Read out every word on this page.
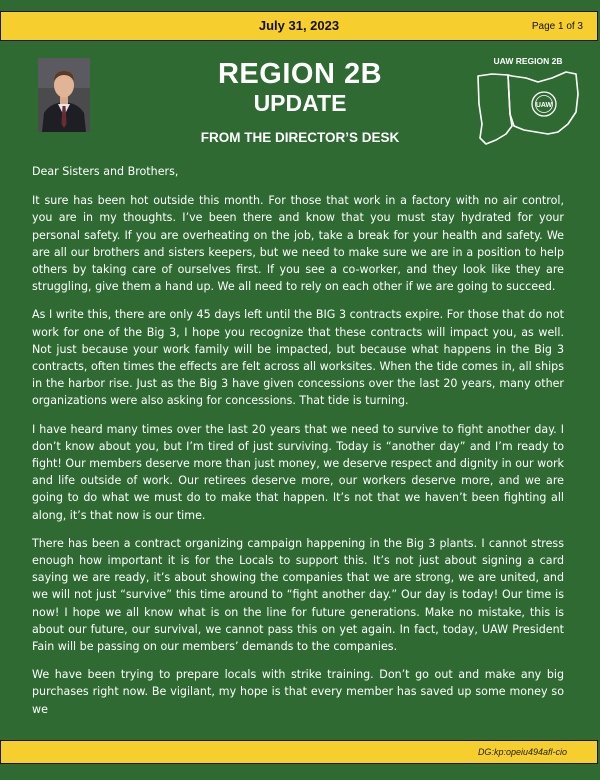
July 31, 2023	Page 1 of 3
REGION 2B
UPDATE
FROM THE DIRECTOR’S DESK
UAW REGION 2B
UAW

Dear Sisters and Brothers,

It sure has been hot outside this month. For those that work in a factory with no air control, you are in my thoughts. I’ve been there and know that you must stay hydrated for your personal safety. If you are overheating on the job, take a break for your health and safety. We are all our brothers and sisters keepers, but we need to make sure we are in a position to help others by taking care of ourselves first. If you see a co-worker, and they look like they are struggling, give them a hand up. We all need to rely on each other if we are going to succeed.

As I write this, there are only 45 days left until the BIG 3 contracts expire. For those that do not work for one of the Big 3, I hope you recognize that these contracts will impact you, as well. Not just because your work family will be impacted, but because what happens in the Big 3 contracts, often times the effects are felt across all worksites. When the tide comes in, all ships in the harbor rise. Just as the Big 3 have given concessions over the last 20 years, many other organizations were also asking for concessions. That tide is turning.

I have heard many times over the last 20 years that we need to survive to fight another day. I don’t know about you, but I’m tired of just surviving. Today is “another day” and I’m ready to fight! Our members deserve more than just money, we deserve respect and dignity in our work and life outside of work. Our retirees deserve more, our workers deserve more, and we are going to do what we must do to make that happen. It’s not that we haven’t been fighting all along, it’s that now is our time.

There has been a contract organizing campaign happening in the Big 3 plants. I cannot stress enough how important it is for the Locals to support this. It’s not just about signing a card saying we are ready, it’s about showing the companies that we are strong, we are united, and we will not just “survive” this time around to “fight another day.” Our day is today! Our time is now! I hope we all know what is on the line for future generations. Make no mistake, this is about our future, our survival, we cannot pass this on yet again. In fact, today, UAW President Fain will be passing on our members’ demands to the companies.

We have been trying to prepare locals with strike training. Don’t go out and make any big purchases right now. Be vigilant, my hope is that every member has saved up some money so we

DG:kp:opeiu494afl-cio
